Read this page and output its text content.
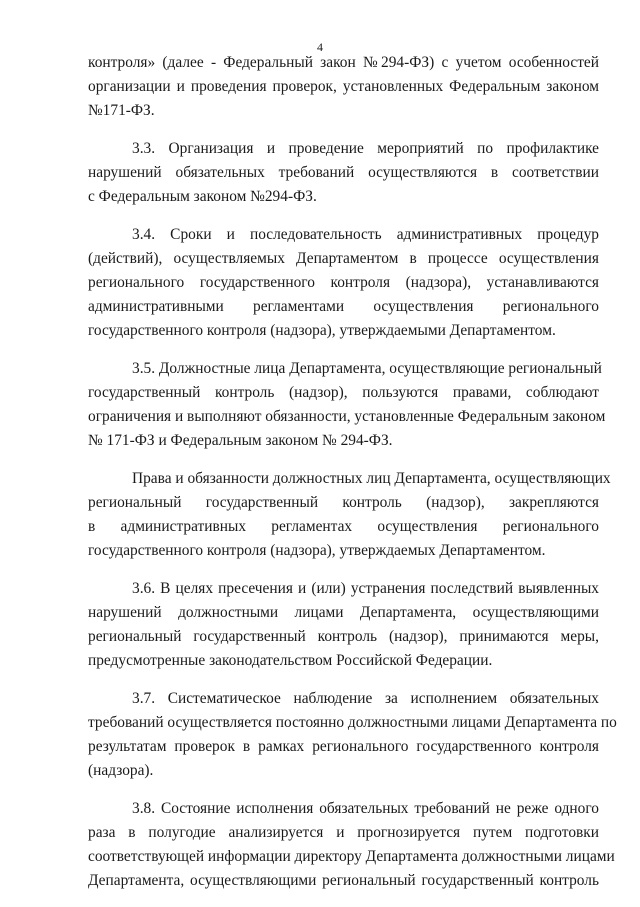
4
контроля» (далее - Федеральный закон №294-ФЗ) с учетом особенностей
организации и проведения проверок, установленных Федеральным законом
№171-ФЗ.
3.3. Организация и проведение мероприятий по профилактике
нарушений обязательных требований осуществляются в соответствии
с Федеральным законом №294-ФЗ.
3.4. Сроки и последовательность административных процедур
(действий), осуществляемых Департаментом в процессе осуществления
регионального государственного контроля (надзора), устанавливаются
административными регламентами осуществления регионального
государственного контроля (надзора), утверждаемыми Департаментом.
3.5. Должностные лица Департамента, осуществляющие региональный
государственный контроль (надзор), пользуются правами, соблюдают
ограничения и выполняют обязанности, установленные Федеральным законом
№ 171-ФЗ и Федеральным законом № 294-ФЗ.
Права и обязанности должностных лиц Департамента, осуществляющих
региональный государственный контроль (надзор), закрепляются
в административных регламентах осуществления регионального
государственного контроля (надзора), утверждаемых Департаментом.
3.6. В целях пресечения и (или) устранения последствий выявленных
нарушений должностными лицами Департамента, осуществляющими
региональный государственный контроль (надзор), принимаются меры,
предусмотренные законодательством Российской Федерации.
3.7. Систематическое наблюдение за исполнением обязательных
требований осуществляется постоянно должностными лицами Департамента по
результатам проверок в рамках регионального государственного контроля
(надзора).
3.8. Состояние исполнения обязательных требований не реже одного
раза в полугодие анализируется и прогнозируется путем подготовки
соответствующей информации директору Департамента должностными лицами
Департамента, осуществляющими региональный государственный контроль
